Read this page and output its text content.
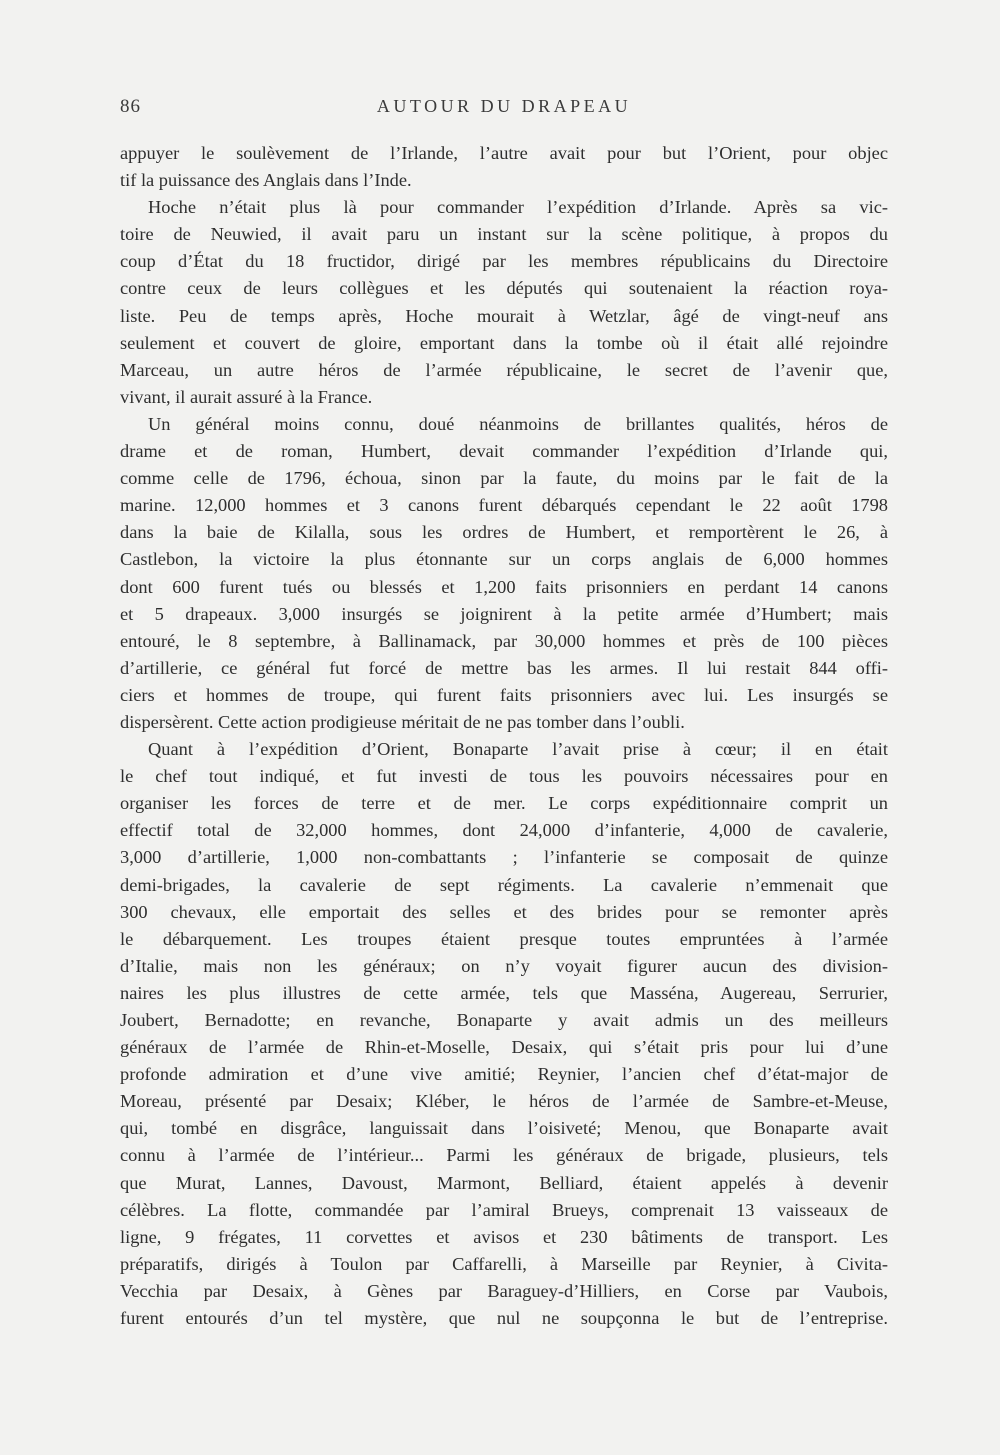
86	AUTOUR DU DRAPEAU
appuyer le soulèvement de l’Irlande, l’autre avait pour but l’Orient, pour objec
tif la puissance des Anglais dans l’Inde.
Hoche n’était plus là pour commander l’expédition d’Irlande. Après sa vic-
toire de Neuwied, il avait paru un instant sur la scène politique, à propos du
coup d’État du 18 fructidor, dirigé par les membres républicains du Directoire
contre ceux de leurs collègues et les députés qui soutenaient la réaction roya-
liste. Peu de temps après, Hoche mourait à Wetzlar, âgé de vingt-neuf ans
seulement et couvert de gloire, emportant dans la tombe où il était allé rejoindre
Marceau, un autre héros de l’armée républicaine, le secret de l’avenir que,
vivant, il aurait assuré à la France.
Un général moins connu, doué néanmoins de brillantes qualités, héros de
drame et de roman, Humbert, devait commander l’expédition d’Irlande qui,
comme celle de 1796, échoua, sinon par la faute, du moins par le fait de la
marine. 12,000 hommes et 3 canons furent débarqués cependant le 22 août 1798
dans la baie de Kilalla, sous les ordres de Humbert, et remportèrent le 26, à
Castlebon, la victoire la plus étonnante sur un corps anglais de 6,000 hommes
dont 600 furent tués ou blessés et 1,200 faits prisonniers en perdant 14 canons
et 5 drapeaux. 3,000 insurgés se joignirent à la petite armée d’Humbert; mais
entouré, le 8 septembre, à Ballinamack, par 30,000 hommes et près de 100 pièces
d’artillerie, ce général fut forcé de mettre bas les armes. Il lui restait 844 offi-
ciers et hommes de troupe, qui furent faits prisonniers avec lui. Les insurgés se
dispersèrent. Cette action prodigieuse méritait de ne pas tomber dans l’oubli.
Quant à l’expédition d’Orient, Bonaparte l’avait prise à cœur; il en était
le chef tout indiqué, et fut investi de tous les pouvoirs nécessaires pour en
organiser les forces de terre et de mer. Le corps expéditionnaire comprit un
effectif total de 32,000 hommes, dont 24,000 d’infanterie, 4,000 de cavalerie,
3,000 d’artillerie, 1,000 non-combattants ; l’infanterie se composait de quinze
demi-brigades, la cavalerie de sept régiments. La cavalerie n’emmenait que
300 chevaux, elle emportait des selles et des brides pour se remonter après
le débarquement. Les troupes étaient presque toutes empruntées à l’armée
d’Italie, mais non les généraux; on n’y voyait figurer aucun des division-
naires les plus illustres de cette armée, tels que Masséna, Augereau, Serrurier,
Joubert, Bernadotte; en revanche, Bonaparte y avait admis un des meilleurs
généraux de l’armée de Rhin-et-Moselle, Desaix, qui s’était pris pour lui d’une
profonde admiration et d’une vive amitié; Reynier, l’ancien chef d’état-major de
Moreau, présenté par Desaix; Kléber, le héros de l’armée de Sambre-et-Meuse,
qui, tombé en disgrâce, languissait dans l’oisiveté; Menou, que Bonaparte avait
connu à l’armée de l’intérieur... Parmi les généraux de brigade, plusieurs, tels
que Murat, Lannes, Davoust, Marmont, Belliard, étaient appelés à devenir
célèbres. La flotte, commandée par l’amiral Brueys, comprenait 13 vaisseaux de
ligne, 9 frégates, 11 corvettes et avisos et 230 bâtiments de transport. Les
préparatifs, dirigés à Toulon par Caffarelli, à Marseille par Reynier, à Civita-
Vecchia par Desaix, à Gènes par Baraguey-d’Hilliers, en Corse par Vaubois,
furent entourés d’un tel mystère, que nul ne soupçonna le but de l’entreprise.
